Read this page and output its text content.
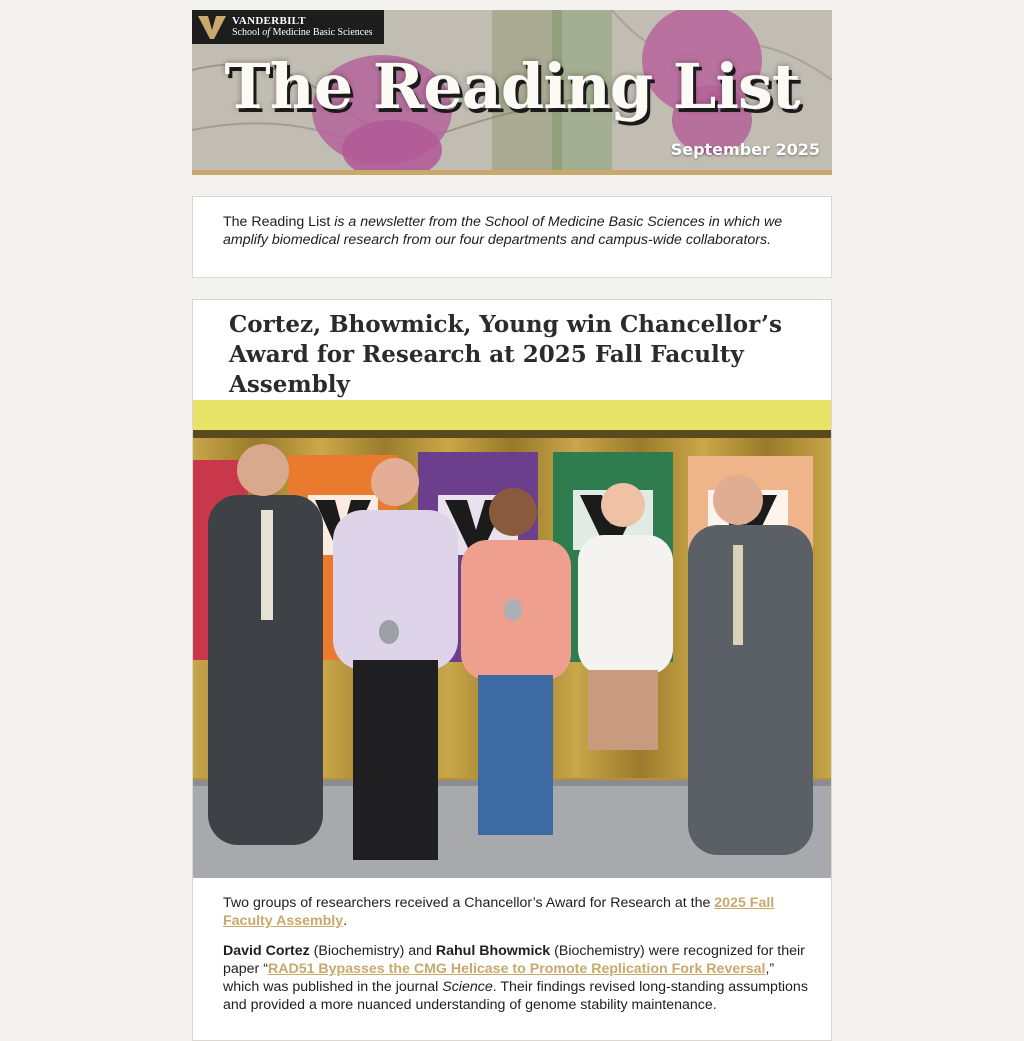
VANDERBILT
School of Medicine Basic Sciences
The Reading List
September 2025

The Reading List is a newsletter from the School of Medicine Basic Sciences in which we amplify biomedical research from our four departments and campus-wide collaborators.

Cortez, Bhowmick, Young win Chancellor’s Award for Research at 2025 Fall Faculty Assembly

Two groups of researchers received a Chancellor’s Award for Research at the 2025 Fall Faculty Assembly.

David Cortez (Biochemistry) and Rahul Bhowmick (Biochemistry) were recognized for their paper “RAD51 Bypasses the CMG Helicase to Promote Replication Fork Reversal,” which was published in the journal Science. Their findings revised long-standing assumptions and provided a more nuanced understanding of genome stability maintenance.
